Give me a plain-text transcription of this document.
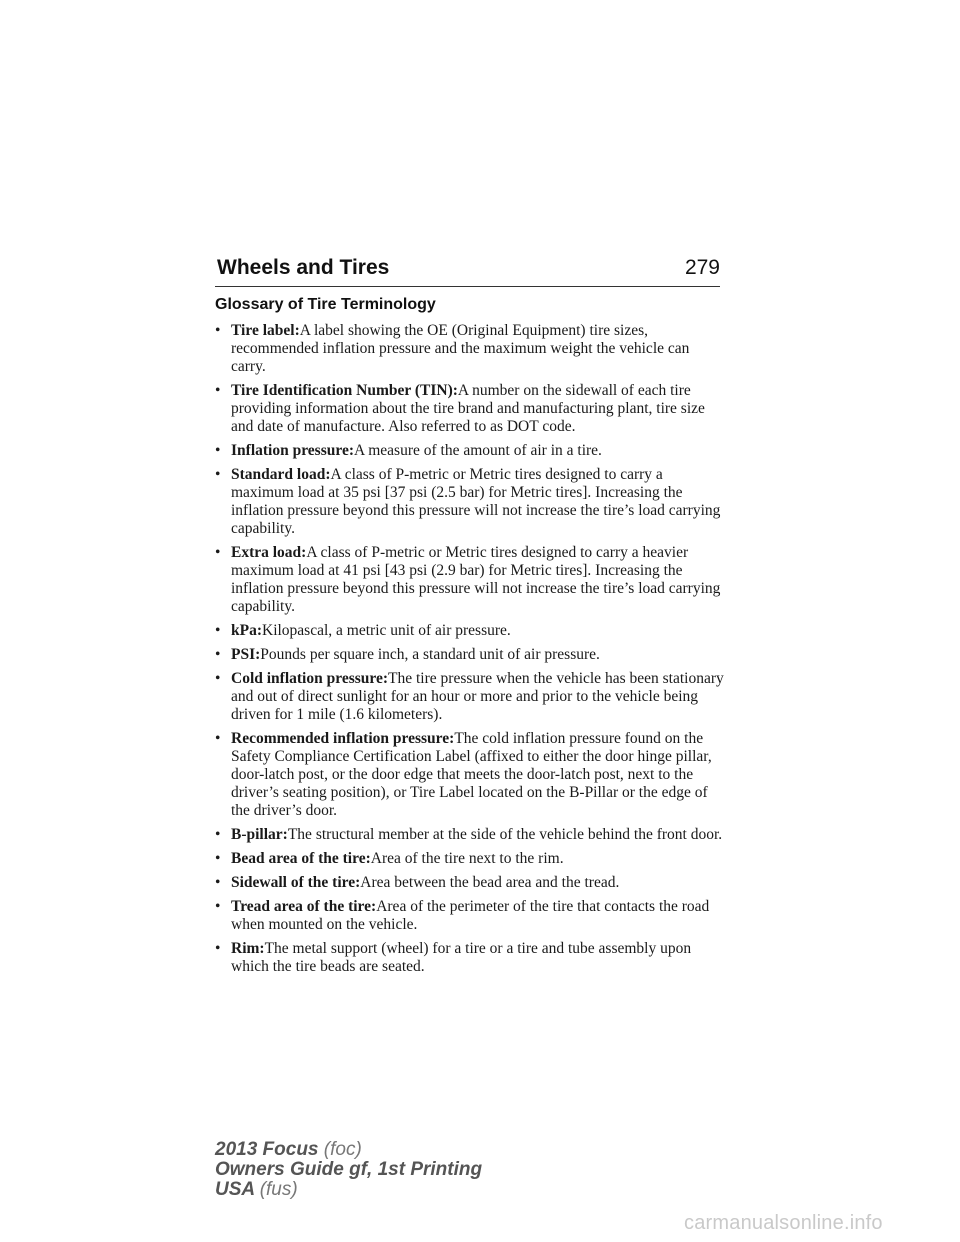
Wheels and Tires	279
Glossary of Tire Terminology
• Tire label:A label showing the OE (Original Equipment) tire sizes, recommended inflation pressure and the maximum weight the vehicle can carry.
• Tire Identification Number (TIN):A number on the sidewall of each tire providing information about the tire brand and manufacturing plant, tire size and date of manufacture. Also referred to as DOT code.
• Inflation pressure:A measure of the amount of air in a tire.
• Standard load:A class of P-metric or Metric tires designed to carry a maximum load at 35 psi [37 psi (2.5 bar) for Metric tires]. Increasing the inflation pressure beyond this pressure will not increase the tire’s load carrying capability.
• Extra load:A class of P-metric or Metric tires designed to carry a heavier maximum load at 41 psi [43 psi (2.9 bar) for Metric tires]. Increasing the inflation pressure beyond this pressure will not increase the tire’s load carrying capability.
• kPa:Kilopascal, a metric unit of air pressure.
• PSI:Pounds per square inch, a standard unit of air pressure.
• Cold inflation pressure:The tire pressure when the vehicle has been stationary and out of direct sunlight for an hour or more and prior to the vehicle being driven for 1 mile (1.6 kilometers).
• Recommended inflation pressure:The cold inflation pressure found on the Safety Compliance Certification Label (affixed to either the door hinge pillar, door-latch post, or the door edge that meets the door-latch post, next to the driver’s seating position), or Tire Label located on the B-Pillar or the edge of the driver’s door.
• B-pillar:The structural member at the side of the vehicle behind the front door.
• Bead area of the tire:Area of the tire next to the rim.
• Sidewall of the tire:Area between the bead area and the tread.
• Tread area of the tire:Area of the perimeter of the tire that contacts the road when mounted on the vehicle.
• Rim:The metal support (wheel) for a tire or a tire and tube assembly upon which the tire beads are seated.
2013 Focus (foc)
Owners Guide gf, 1st Printing
USA (fus)
carmanualsonline.info
